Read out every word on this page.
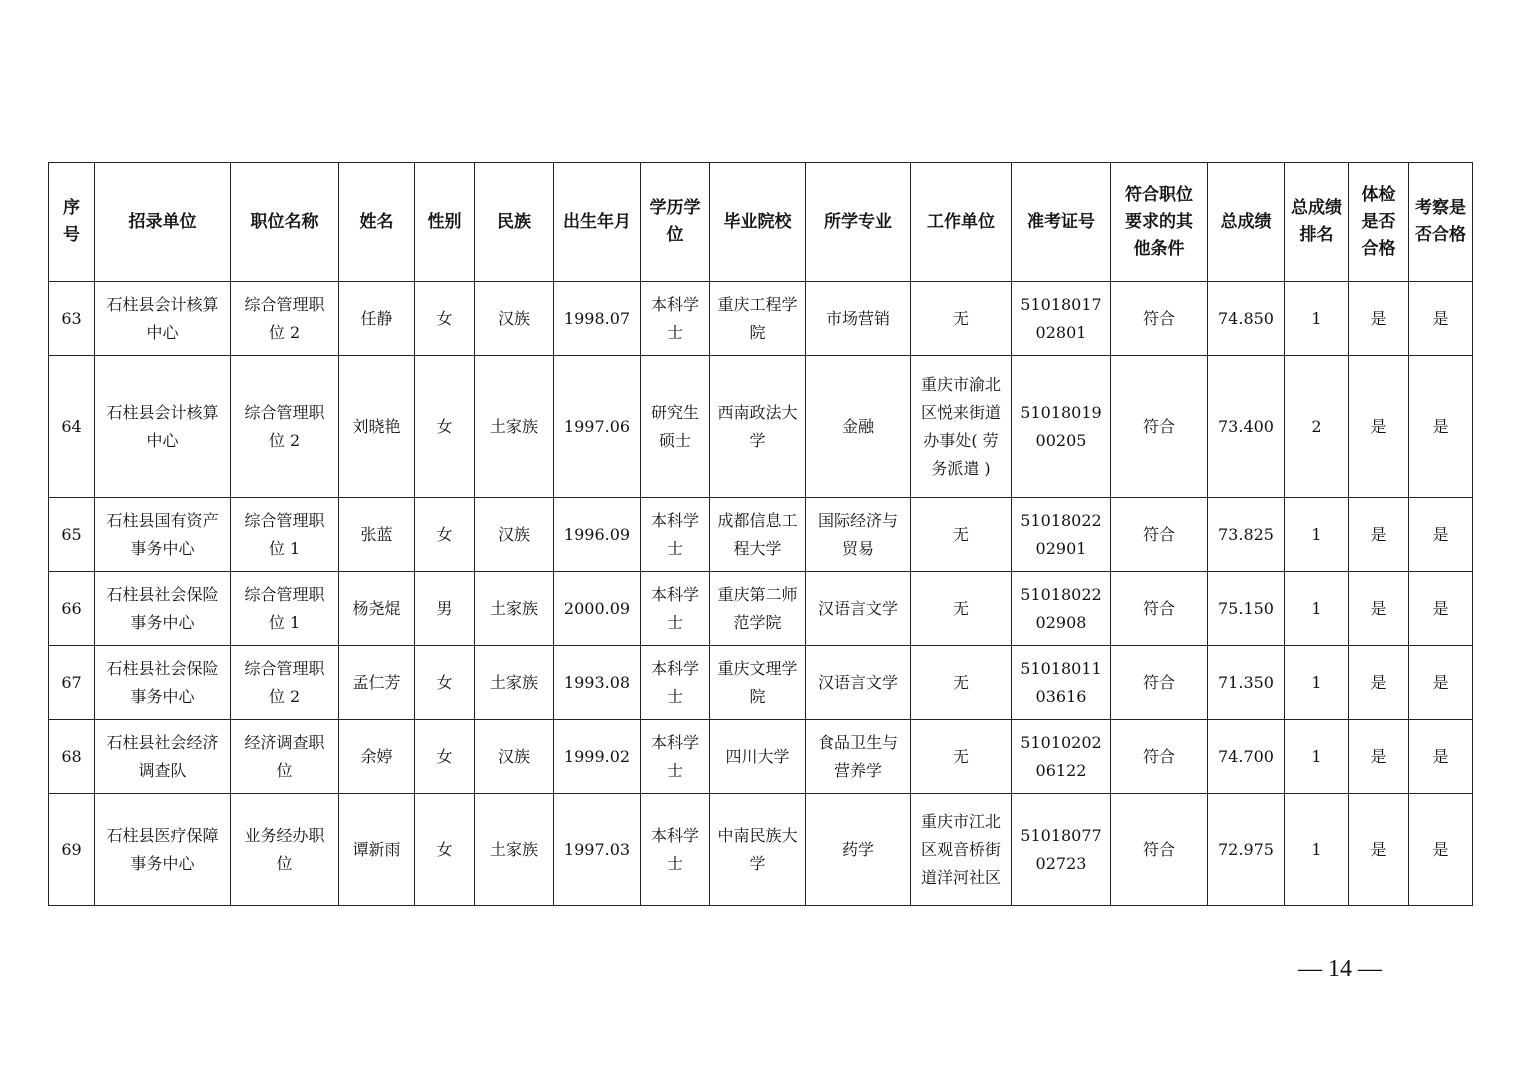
序号	招录单位	职位名称	姓名	性别	民族	出生年月	学历学位	毕业院校	所学专业	工作单位	准考证号	符合职位要求的其他条件	总成绩	总成绩排名	体检是否合格	考察是否合格
63	石柱县会计核算中心	综合管理职位 2	任静	女	汉族	1998.07	本科学士	重庆工程学院	市场营销	无	5101801702801	符合	74.850	1	是	是
64	石柱县会计核算中心	综合管理职位 2	刘晓艳	女	土家族	1997.06	研究生硕士	西南政法大学	金融	重庆市渝北区悦来街道办事处( 劳务派遣 )	5101801900205	符合	73.400	2	是	是
65	石柱县国有资产事务中心	综合管理职位 1	张蓝	女	汉族	1996.09	本科学士	成都信息工程大学	国际经济与贸易	无	5101802202901	符合	73.825	1	是	是
66	石柱县社会保险事务中心	综合管理职位 1	杨尧焜	男	土家族	2000.09	本科学士	重庆第二师范学院	汉语言文学	无	5101802202908	符合	75.150	1	是	是
67	石柱县社会保险事务中心	综合管理职位 2	孟仁芳	女	土家族	1993.08	本科学士	重庆文理学院	汉语言文学	无	5101801103616	符合	71.350	1	是	是
68	石柱县社会经济调查队	经济调查职位	余婷	女	汉族	1999.02	本科学士	四川大学	食品卫生与营养学	无	5101020206122	符合	74.700	1	是	是
69	石柱县医疗保障事务中心	业务经办职位	谭新雨	女	土家族	1997.03	本科学士	中南民族大学	药学	重庆市江北区观音桥街道洋河社区	5101807702723	符合	72.975	1	是	是
— 14 —
